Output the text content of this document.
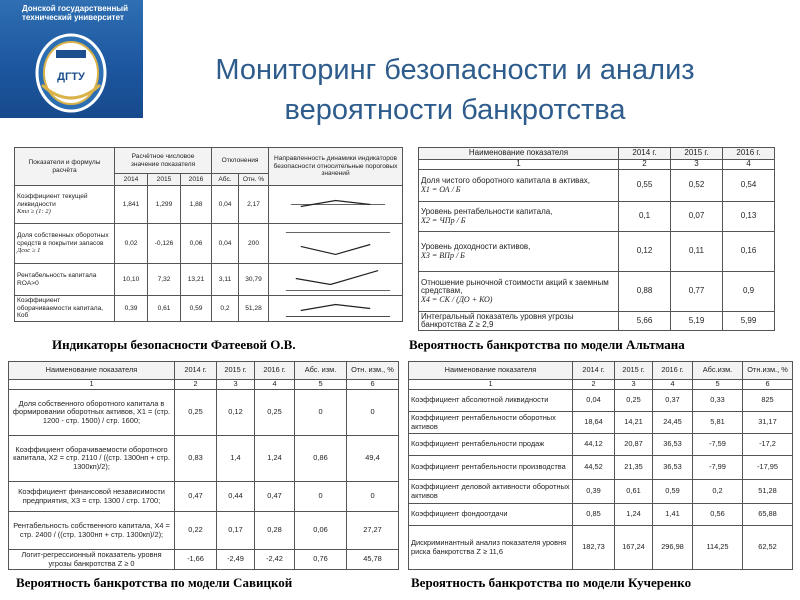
Донской государственный
технический университет
ДГТУ	Мониторинг безопасности и анализ
вероятности банкротства
Показатели и формулы расчёта	Расчётное числовое значение показателя			Отклонения		Направленность динамики индикаторов безопасности относительные пороговых значений
	2014	2015	2016	Абс.	Отн. %	

Коэффициент текущей ликвидности
Kтл ≥ (1: 2)	1,841	1,299	1,88	0,04	2,17	

Доля собственных оборотных средств в покрытии запасов
Дсос ≥ 1	0,02	-0,126	0,06	0,04	200	

Рентабельность капитала ROA>0	10,10	7,32	13,21	3,11	30,79	

Коэффициент оборачиваемости капитала, Коб	0,39	0,61	0,59	0,2	51,28	
Индикаторы безопасности Фатеевой О.В.
Наименование показателя	2014 г.	2015 г.	2016 г.
1	2	3	4

Доля чистого оборотного капитала в активах,
X1 = ОА / Б	0,55	0,52	0,54

Уровень рентабельности капитала,
X2 = ЧПр / Б	0,1	0,07	0,13

Уровень доходности активов,
X3 = ВПр / Б	0,12	0,11	0,16

Отношение рыночной стоимости акций к заемным средствам,
X4 = СК / (ДО + КО)	0,88	0,77	0,9
Интегральный показатель уровня угрозы банкротства Z ≥ 2,9	5,66	5,19	5,99
Вероятность банкротства по модели Альтмана
Наименование показателя	2014 г.	2015 г.	2016 г.	Абс. изм.	Отн. изм., %
1	2	3	4	5	6
Доля собственного оборотного капитала в формировании оборотных активов, X1 = (стр. 1200 - стр. 1500) / стр. 1600;	0,25	0,12	0,25	0	0
Коэффициент оборачиваемости оборотного капитала, X2 = стр. 2110 / ((стр. 1300нп + стр. 1300кп)/2);	0,83	1,4	1,24	0,86	49,4
Коэффициент финансовой независимости предприятия, X3 = стр. 1300 / стр. 1700;	0,47	0,44	0,47	0	0
Рентабельность собственного капитала, X4 = стр. 2400 / ((стр. 1300нп + стр. 1300кп)/2);	0,22	0,17	0,28	0,06	27,27
Логит-регрессионный показатель уровня угрозы банкротства Z ≥ 0	-1,66	-2,49	-2,42	0,76	45,78
Вероятность банкротства по модели Савицкой
Наименование показателя	2014 г.	2015 г.	2016 г.	Абс.изм.	Отн.изм., %
1	2	3	4	5	6
Коэффициент абсолютной ликвидности	0,04	0,25	0,37	0,33	825
Коэффициент рентабельности оборотных активов	18,64	14,21	24,45	5,81	31,17
Коэффициент рентабельности продаж	44,12	20,87	36,53	-7,59	-17,2
Коэффициент рентабельности производства	44,52	21,35	36,53	-7,99	-17,95
Коэффициент деловой активности оборотных активов	0,39	0,61	0,59	0,2	51,28
Коэффициент фондоотдачи	0,85	1,24	1,41	0,56	65,88
Дискриминантный анализ показателя уровня риска банкротства Z ≥ 11,6	182,73	167,24	296,98	114,25	62,52
Вероятность банкротства по модели Кучеренко
